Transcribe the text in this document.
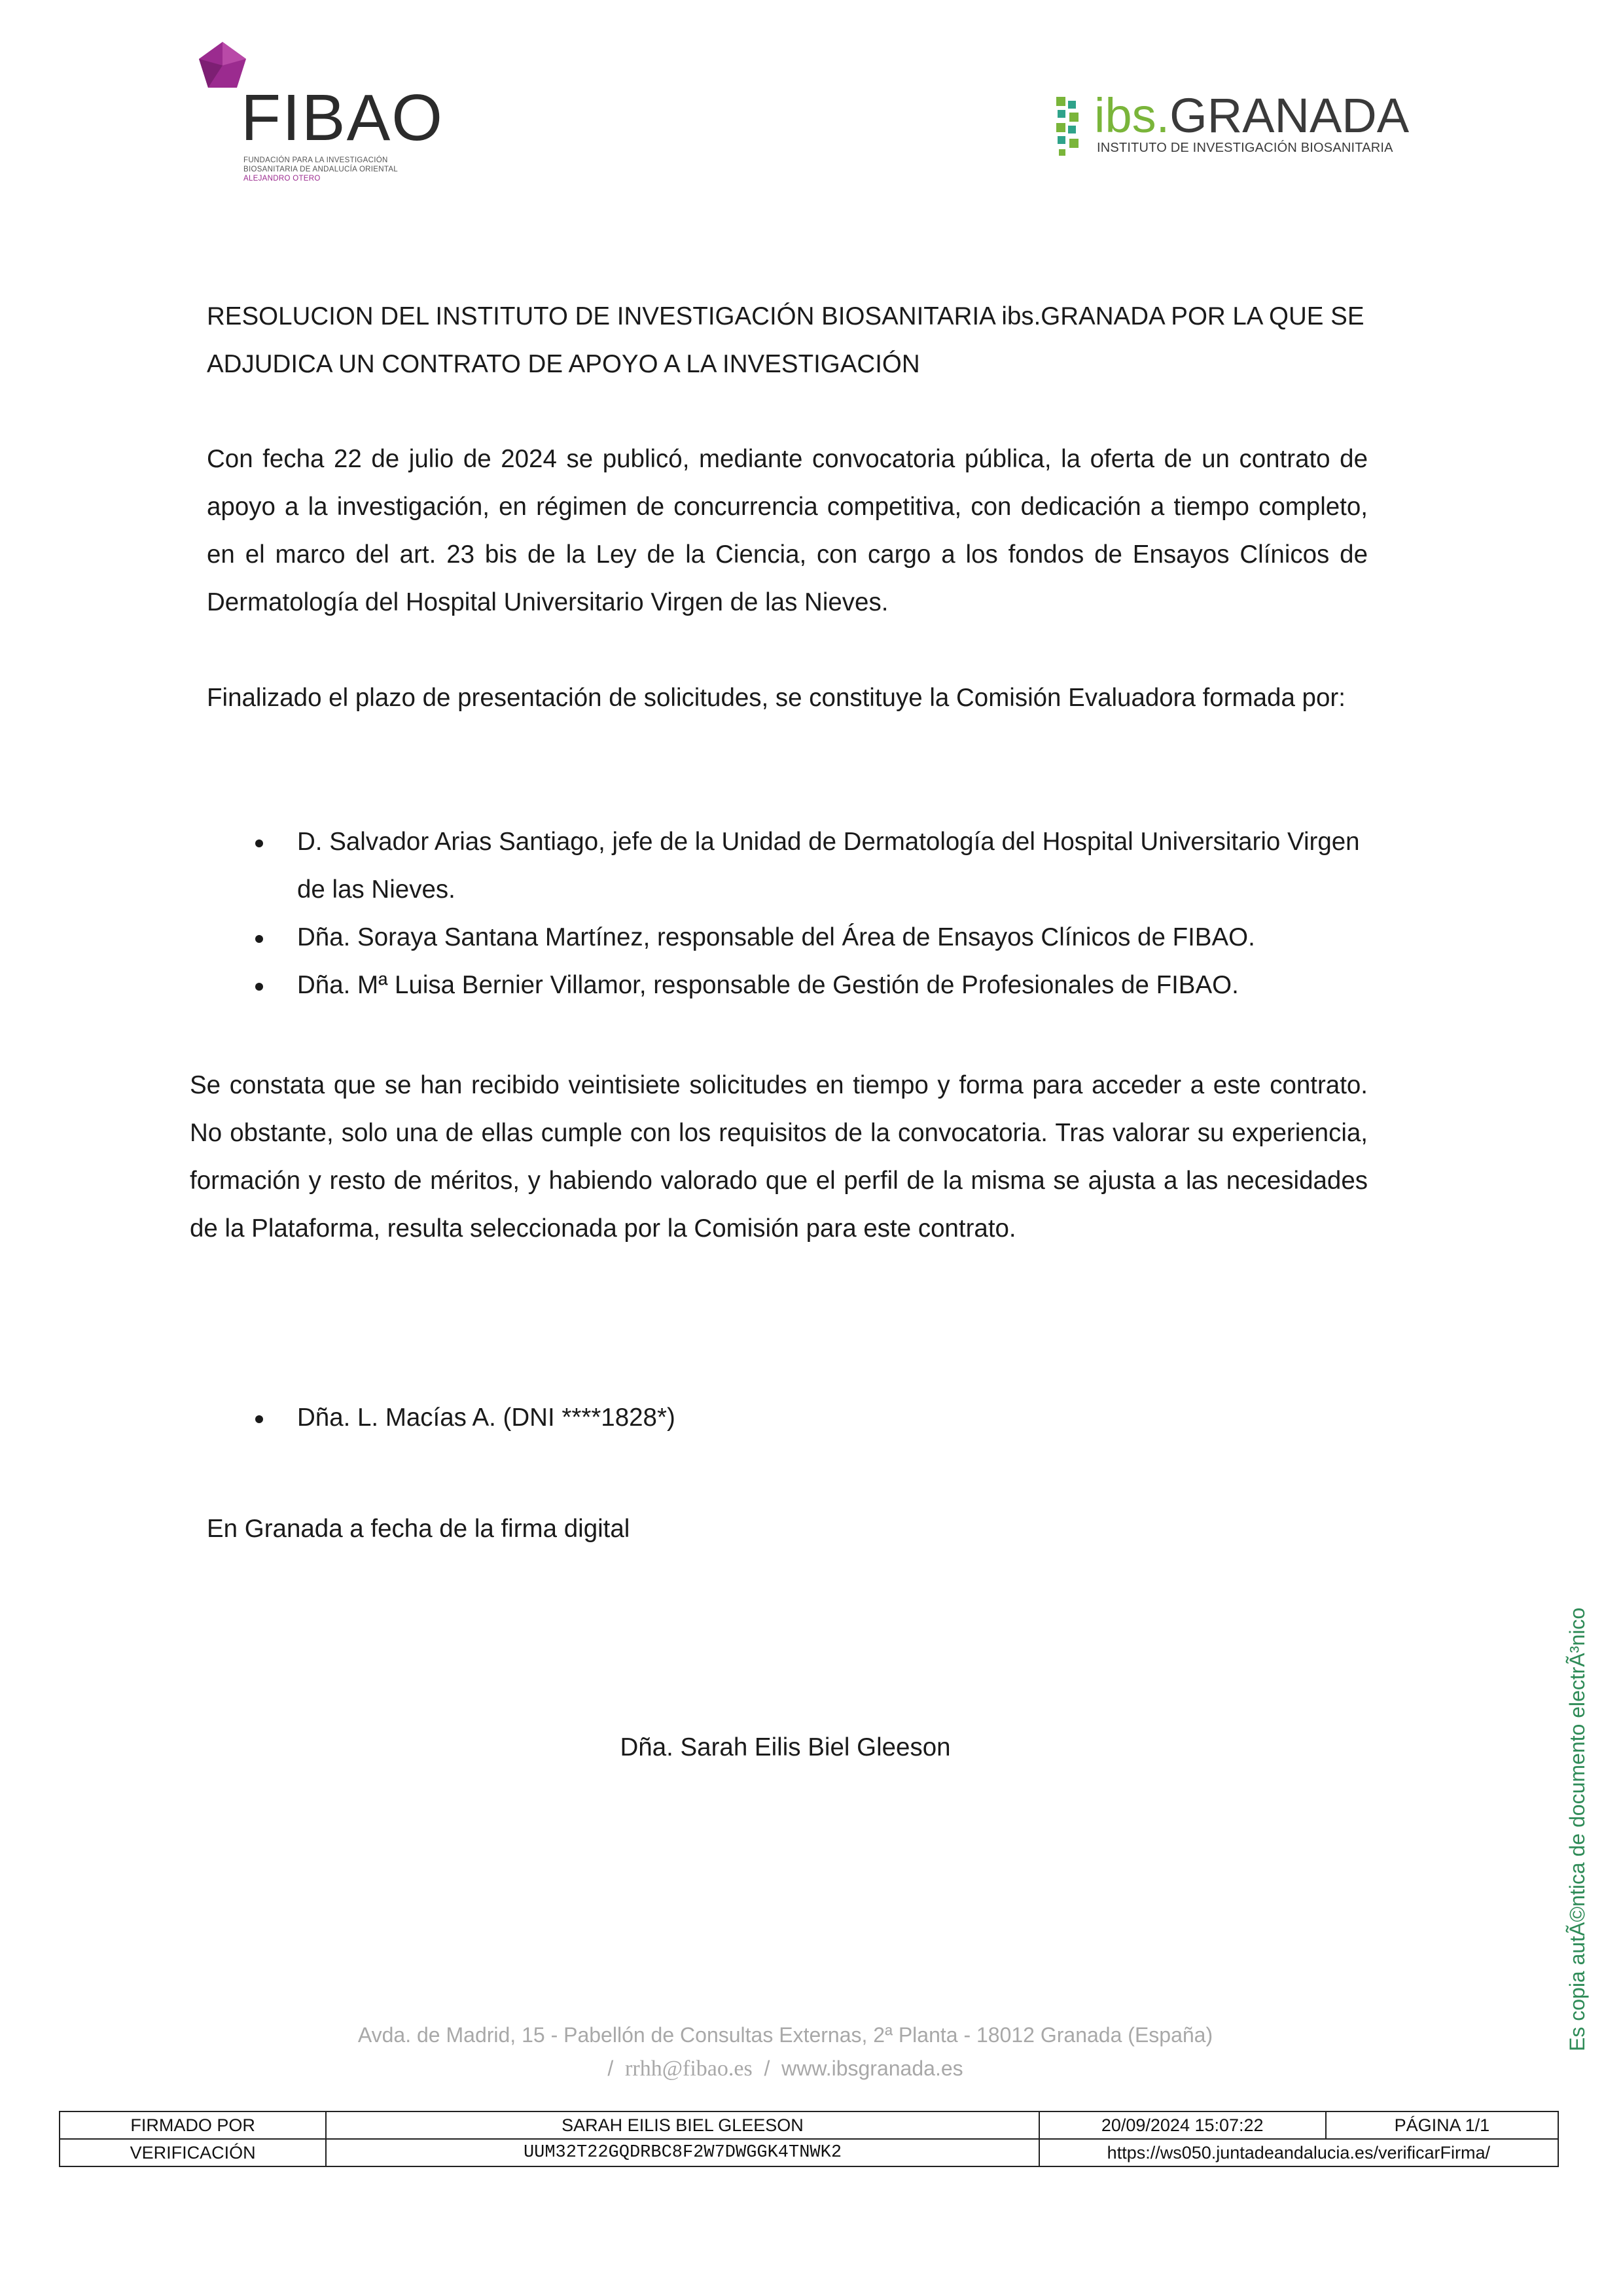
FIBAO
FUNDACIÓN PARA LA INVESTIGACIÓN
BIOSANITARIA DE ANDALUCÍA ORIENTAL
ALEJANDRO OTERO
ibs.GRANADA
INSTITUTO DE INVESTIGACIÓN BIOSANITARIA
RESOLUCION DEL INSTITUTO DE INVESTIGACIÓN BIOSANITARIA ibs.GRANADA POR LA QUE SE ADJUDICA UN CONTRATO DE APOYO A LA INVESTIGACIÓN
Con fecha 22 de julio de 2024 se publicó, mediante convocatoria pública, la oferta de un contrato de apoyo a la investigación, en régimen de concurrencia competitiva, con dedicación a tiempo completo, en el marco del art. 23 bis de la Ley de la Ciencia, con cargo a los fondos de Ensayos Clínicos de Dermatología del Hospital Universitario Virgen de las Nieves.
Finalizado el plazo de presentación de solicitudes, se constituye la Comisión Evaluadora formada por:
D. Salvador Arias Santiago, jefe de la Unidad de Dermatología del Hospital Universitario Virgen de las Nieves.
Dña. Soraya Santana Martínez, responsable del Área de Ensayos Clínicos de FIBAO.
Dña. Mª Luisa Bernier Villamor, responsable de Gestión de Profesionales de FIBAO.
Se constata que se han recibido veintisiete solicitudes en tiempo y forma para acceder a este contrato. No obstante, solo una de ellas cumple con los requisitos de la convocatoria. Tras valorar su experiencia, formación y resto de méritos, y habiendo valorado que el perfil de la misma se ajusta a las necesidades de la Plataforma, resulta seleccionada por la Comisión para este contrato.
Dña. L. Macías A. (DNI ****1828*)
En Granada a fecha de la firma digital
Dña. Sarah Eilis Biel Gleeson	Es copia autÃ©ntica de documento electrÃ³nico
Avda. de Madrid, 15 - Pabellón de Consultas Externas, 2ª Planta - 18012 Granada (España)
/ rrhh@fibao.es / www.ibsgranada.es
FIRMADO POR	SARAH EILIS BIEL GLEESON	20/09/2024 15:07:22	PÁGINA 1/1
VERIFICACIÓN	UUM32T22GQDRBC8F2W7DWGGK4TNWK2	https://ws050.juntadeandalucia.es/verificarFirma/	
